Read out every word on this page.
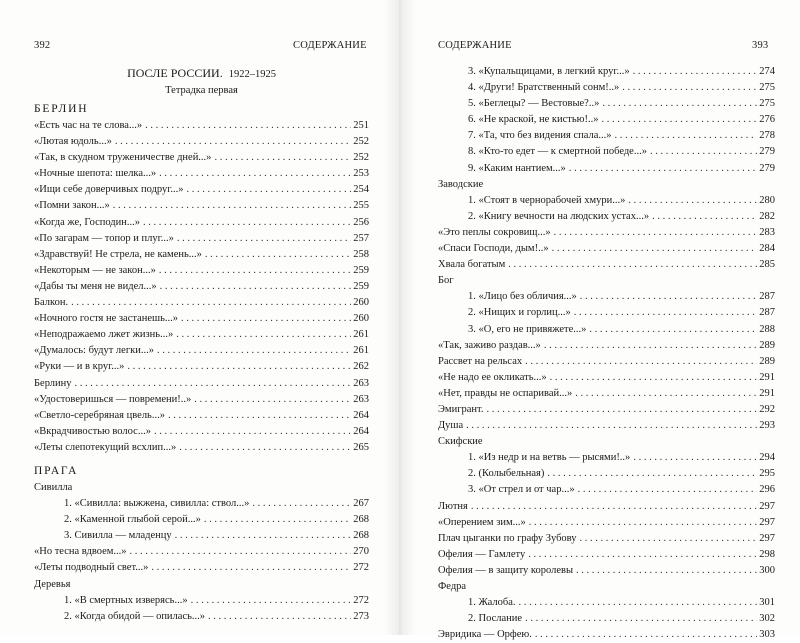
392	СОДЕРЖАНИЕ
ПОСЛЕ РОССИИ. 1922–1925
Тетрадка первая
БЕРЛИН
«Есть час на те слова...» . . .	251
«Лютая юдоль...» . . .	252
«Так, в скудном труженичестве дней...» . . .	252
«Ночные шепота: шелка...» . . .	253
«Ищи себе доверчивых подруг...» . . .	254
«Помни закон...» . . .	255
«Когда же, Господин...» . . .	256
«По загарам — топор и плуг...» . . .	257
«Здравствуй! Не стрела, не камень...» . . .	258
«Некоторым — не закон...» . . .	259
«Дабы ты меня не видел...» . . .	259
Балкон. . . .	260
«Ночного гостя не застанешь...» . . .	260
«Неподражаемо лжет жизнь...» . . .	261
«Думалось: будут легки...» . . .	261
«Руки — и в круг...» . . .	262
Берлину . . .	263
«Удостоверишься — повремени!..» . . .	263
«Светло-серебряная цвель...» . . .	264
«Вкрадчивостью волос...» . . .	264
«Леты слепотекущий всхлип...» . . .	265
ПРАГА
Сивилла
1. «Сивилла: выжжена, сивилла: ствол...» . . .	267
2. «Каменной глыбой серой...» . . .	268
3. Сивилла — младенцу . . .	268
«Но тесна вдвоем...» . . .	270
«Леты подводный свет...» . . .	272
Деревья
1. «В смертных изверясь...» . . .	272
2. «Когда обидой — опилась...» . . .	273
СОДЕРЖАНИЕ	393
3. «Купальщицами, в легкий круг...» . . .	274
4. «Други! Братственный сонм!..» . . .	275
5. «Беглецы? — Вестовые?..» . . .	275
6. «Не краской, не кистью!..» . . .	276
7. «Та, что без видения спала...» . . .	278
8. «Кто-то едет — к смертной победе...» . . .	279
9. «Каким нантием...» . . .	279
Заводские
1. «Стоят в чернорабочей хмури...» . . .	280
2. «Книгу вечности на людских устах...» . . .	282
«Это пеплы сокровищ...» . . .	283
«Спаси Господи, дым!..» . . .	284
Хвала богатым . . .	285
Бог
1. «Лицо без обличия...» . . .	287
2. «Нищих и горлиц...» . . .	287
3. «О, его не привяжете...» . . .	288
«Так, заживо раздав...» . . .	289
Рассвет на рельсах . . .	289
«Не надо ее окликать...» . . .	291
«Нет, правды не оспаривай...» . . .	291
Эмигрант. . . .	292
Душа . . .	293
Скифские
1. «Из недр и на ветвь — рысями!..» . . .	294
2. (Колыбельная) . . .	295
3. «От стрел и от чар...» . . .	296
Лютня . . .	297
«Оперением зим...» . . .	297
Плач цыганки по графу Зубову . . .	297
Офелия — Гамлету . . .	298
Офелия — в защиту королевы . . .	300
Федра
1. Жалоба. . . .	301
2. Послание . . .	302
Эвридика — Орфею. . . .	303
